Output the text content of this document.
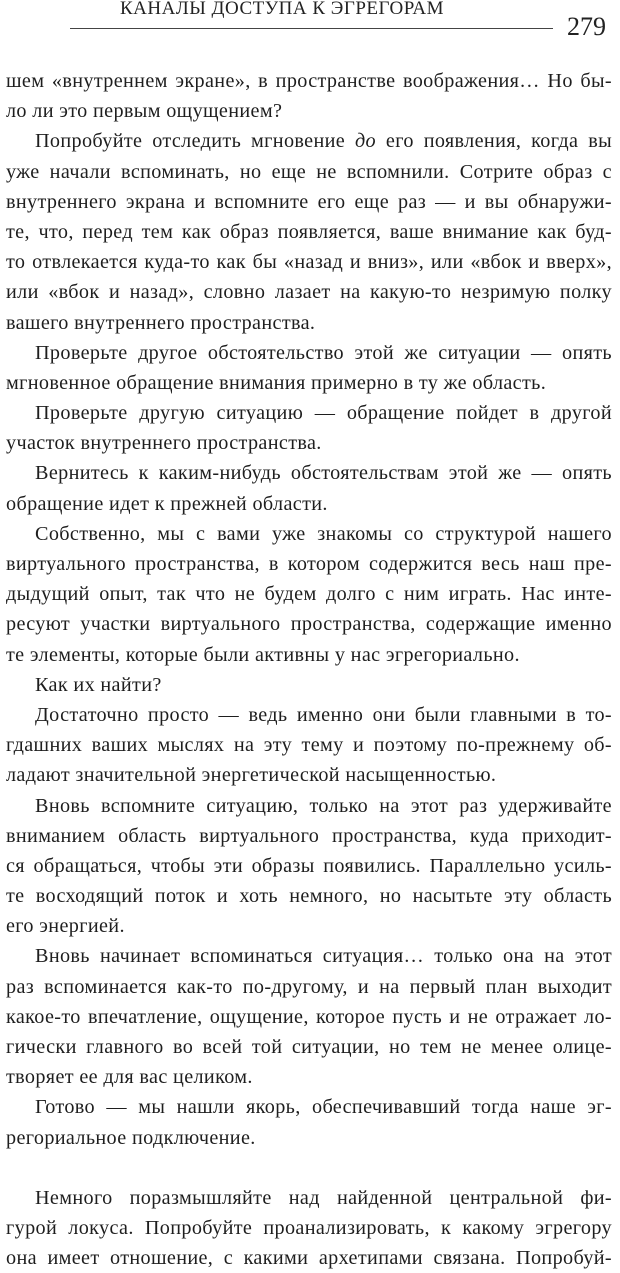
КАНАЛЫ ДОСТУПА К ЭГРЕГОРАМ
279
шем «внутреннем экране», в пространстве воображения… Но бы-
ло ли это первым ощущением?
Попробуйте отследить мгновение до его появления, когда вы
уже начали вспоминать, но еще не вспомнили. Сотрите образ с
внутреннего экрана и вспомните его еще раз — и вы обнаружи-
те, что, перед тем как образ появляется, ваше внимание как буд-
то отвлекается куда-то как бы «назад и вниз», или «вбок и вверх»,
или «вбок и назад», словно лазает на какую-то незримую полку
вашего внутреннего пространства.
Проверьте другое обстоятельство этой же ситуации — опять
мгновенное обращение внимания примерно в ту же область.
Проверьте другую ситуацию — обращение пойдет в другой
участок внутреннего пространства.
Вернитесь к каким-нибудь обстоятельствам этой же — опять
обращение идет к прежней области.
Собственно, мы с вами уже знакомы со структурой нашего
виртуального пространства, в котором содержится весь наш пре-
дыдущий опыт, так что не будем долго с ним играть. Нас инте-
ресуют участки виртуального пространства, содержащие именно
те элементы, которые были активны у нас эгрегориально.
Как их найти?
Достаточно просто — ведь именно они были главными в то-
гдашних ваших мыслях на эту тему и поэтому по-прежнему об-
ладают значительной энергетической насыщенностью.
Вновь вспомните ситуацию, только на этот раз удерживайте
вниманием область виртуального пространства, куда приходит-
ся обращаться, чтобы эти образы появились. Параллельно усиль-
те восходящий поток и хоть немного, но насытьте эту область
его энергией.
Вновь начинает вспоминаться ситуация… только она на этот
раз вспоминается как-то по-другому, и на первый план выходит
какое-то впечатление, ощущение, которое пусть и не отражает ло-
гически главного во всей той ситуации, но тем не менее олице-
творяет ее для вас целиком.
Готово — мы нашли якорь, обеспечивавший тогда наше эг-
регориальное подключение.
Немного поразмышляйте над найденной центральной фи-
гурой локуса. Попробуйте проанализировать, к какому эгрегору
она имеет отношение, с какими архетипами связана. Попробуй-
